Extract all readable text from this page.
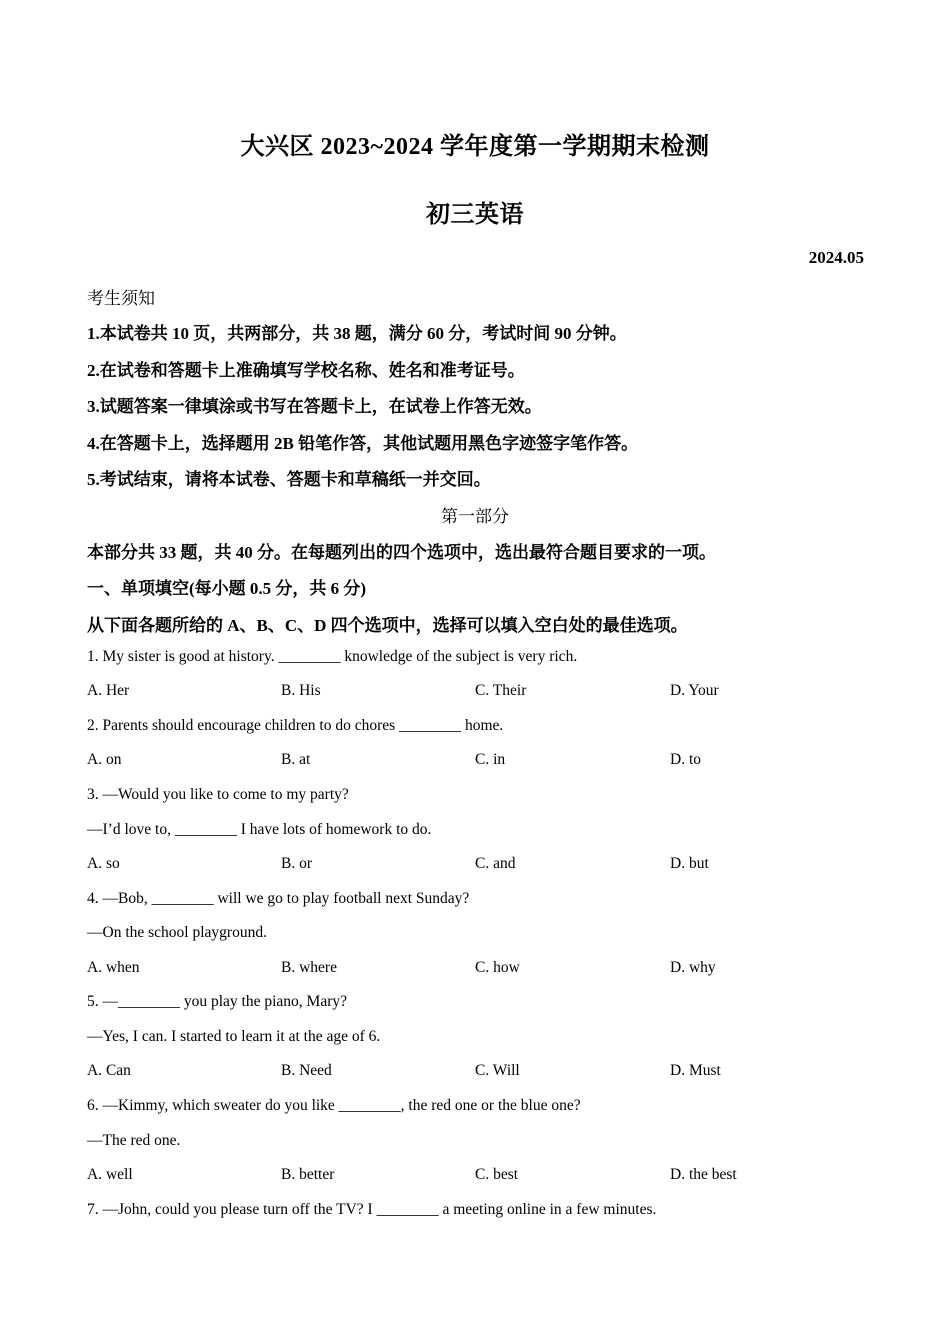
大兴区 2023~2024 学年度第一学期期末检测
初三英语
2024.05
考生须知
1.本试卷共 10 页，共两部分，共 38 题，满分 60 分，考试时间 90 分钟。
2.在试卷和答题卡上准确填写学校名称、姓名和准考证号。
3.试题答案一律填涂或书写在答题卡上，在试卷上作答无效。
4.在答题卡上，选择题用 2B 铅笔作答，其他试题用黑色字迹签字笔作答。
5.考试结束，请将本试卷、答题卡和草稿纸一并交回。
第一部分
本部分共 33 题，共 40 分。在每题列出的四个选项中，选出最符合题目要求的一项。
一、单项填空(每小题 0.5 分，共 6 分)
从下面各题所给的 A、B、C、D 四个选项中，选择可以填入空白处的最佳选项。
1. My sister is good at history. ________ knowledge of the subject is very rich.
A. Her	B. His	C. Their	D. Your
2. Parents should encourage children to do chores ________ home.
A. on	B. at	C. in	D. to
3. —Would you like to come to my party?
—I’d love to, ________ I have lots of homework to do.
A. so	B. or	C. and	D. but
4. —Bob, ________ will we go to play football next Sunday?
—On the school playground.
A. when	B. where	C. how	D. why
5. —________ you play the piano, Mary?
—Yes, I can. I started to learn it at the age of 6.
A. Can	B. Need	C. Will	D. Must
6. —Kimmy, which sweater do you like ________, the red one or the blue one?
—The red one.
A. well	B. better	C. best	D. the best
7. —John, could you please turn off the TV? I ________ a meeting online in a few minutes.
